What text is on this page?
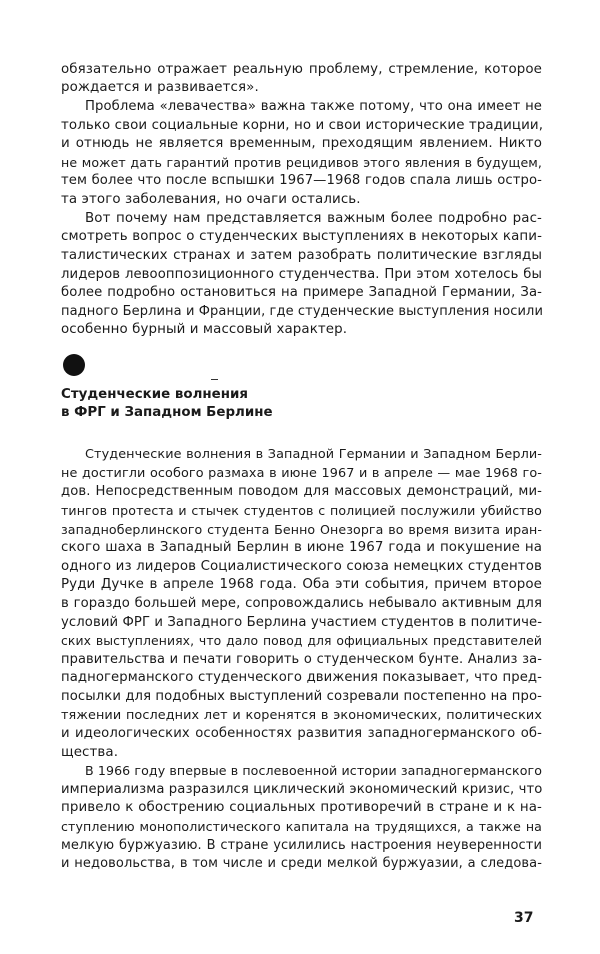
обязательно отражает реальную проблему, стремление, которое
рождается и развивается».
Проблема «левачества» важна также потому, что она имеет не
только свои социальные корни, но и свои исторические традиции,
и отнюдь не является временным, преходящим явлением. Никто
не может дать гарантий против рецидивов этого явления в будущем,
тем более что после вспышки 1967—1968 годов спала лишь остро-
та этого заболевания, но очаги остались.
Вот почему нам представляется важным более подробно рас-
смотреть вопрос о студенческих выступлениях в некоторых капи-
талистических странах и затем разобрать политические взгляды
лидеров левооппозиционного студенчества. При этом хотелось бы
более подробно остановиться на примере Западной Германии, За-
падного Берлина и Франции, где студенческие выступления носили
особенно бурный и массовый характер.
Студенческие волнения
в ФРГ и Западном Берлине
Студенческие волнения в Западной Германии и Западном Берли-
не достигли особого размаха в июне 1967 и в апреле — мае 1968 го-
дов. Непосредственным поводом для массовых демонстраций, ми-
тингов протеста и стычек студентов с полицией послужили убийство
западноберлинского студента Бенно Онезорга во время визита иран-
ского шаха в Западный Берлин в июне 1967 года и покушение на
одного из лидеров Социалистического союза немецких студентов
Руди Дучке в апреле 1968 года. Оба эти события, причем второе
в гораздо большей мере, сопровождались небывало активным для
условий ФРГ и Западного Берлина участием студентов в политиче-
ских выступлениях, что дало повод для официальных представителей
правительства и печати говорить о студенческом бунте. Анализ за-
падногерманского студенческого движения показывает, что пред-
посылки для подобных выступлений созревали постепенно на про-
тяжении последних лет и коренятся в экономических, политических
и идеологических особенностях развития западногерманского об-
щества.
В 1966 году впервые в послевоенной истории западногерманского
империализма разразился циклический экономический кризис, что
привело к обострению социальных противоречий в стране и к на-
ступлению монополистического капитала на трудящихся, а также на
мелкую буржуазию. В стране усилились настроения неуверенности
и недовольства, в том числе и среди мелкой буржуазии, а следова-
37
